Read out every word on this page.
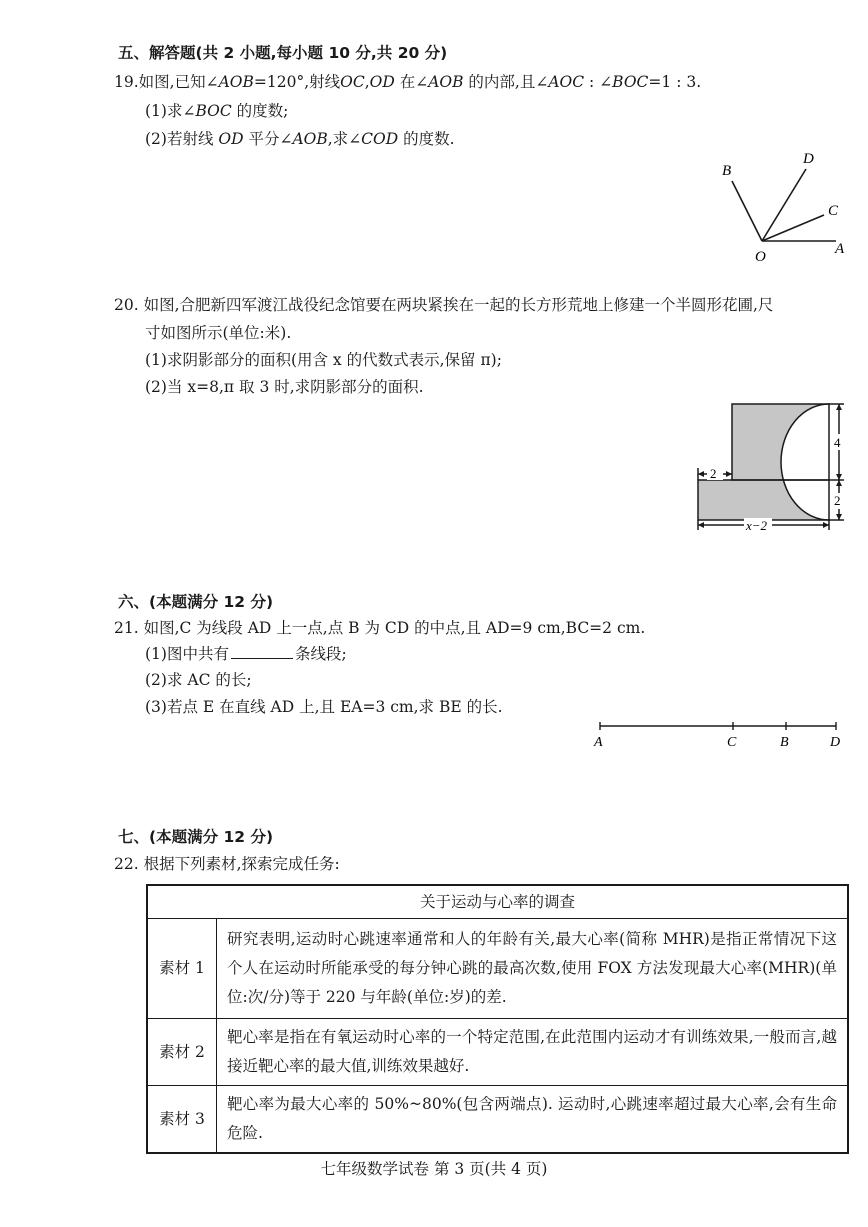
五、解答题(共 2 小题,每小题 10 分,共 20 分)
19.如图,已知∠AOB=120°,射线OC,OD 在∠AOB 的内部,且∠AOC : ∠BOC=1 : 3.
(1)求∠BOC 的度数;
(2)若射线 OD 平分∠AOB,求∠COD 的度数.
B
D
C
O	A
20. 如图,合肥新四军渡江战役纪念馆要在两块紧挨在一起的长方形荒地上修建一个半圆形花圃,尺
寸如图所示(单位:米).
(1)求阴影部分的面积(用含 x 的代数式表示,保留 π);
(2)当 x=8,π 取 3 时,求阴影部分的面积.
2
4
2
x−2
六、(本题满分 12 分)
21. 如图,C 为线段 AD 上一点,点 B 为 CD 的中点,且 AD=9 cm,BC=2 cm.
(1)图中共有	条线段;
(2)求 AC 的长;
(3)若点 E 在直线 AD 上,且 EA=3 cm,求 BE 的长.
A	C	B	D
七、(本题满分 12 分)
22. 根据下列素材,探索完成任务:
关于运动与心率的调查	
素材 1	研究表明,运动时心跳速率通常和人的年龄有关,最大心率(简称 MHR)是指正常情况下这个人在运动时所能承受的每分钟心跳的最高次数,使用 FOX 方法发现最大心率(MHR)(单位:次/分)等于 220 与年龄(单位:岁)的差.
素材 2	靶心率是指在有氧运动时心率的一个特定范围,在此范围内运动才有训练效果,一般而言,越接近靶心率的最大值,训练效果越好.
素材 3	靶心率为最大心率的 50%~80%(包含两端点). 运动时,心跳速率超过最大心率,会有生命危险.
七年级数学试卷 第 3 页(共 4 页)
